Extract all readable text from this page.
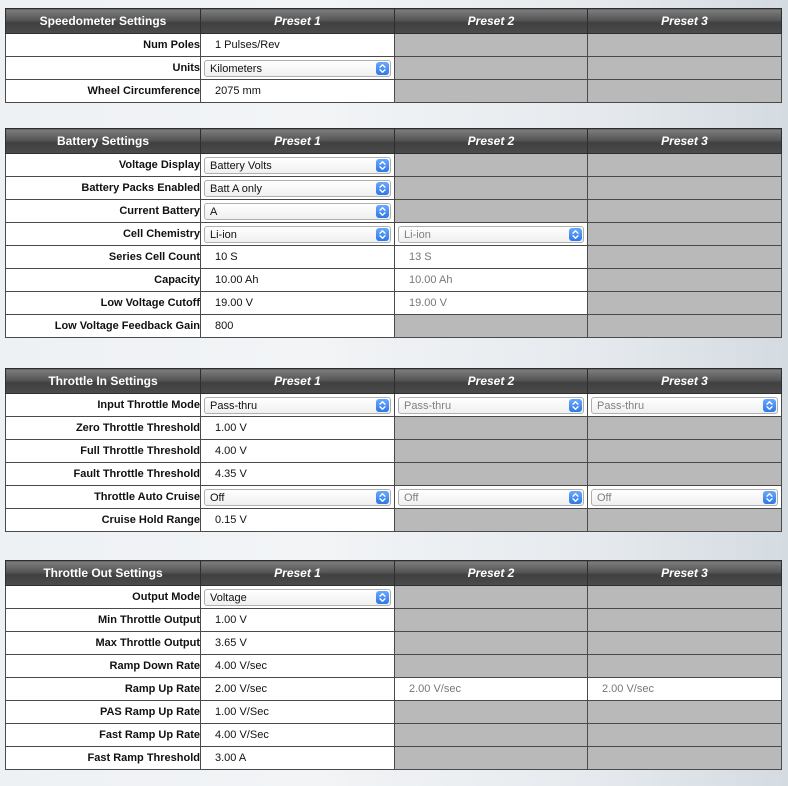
Speedometer Settings	Preset 1	Preset 2	Preset 3
Num Poles	1 Pulses/Rev		

Units	Kilometers		

Wheel Circumference	2075 mm		

Battery Settings	Preset 1	Preset 2	Preset 3
Voltage Display	Battery Volts		

Battery Packs Enabled	Batt A only		

Current Battery	A		

Cell Chemistry	Li-ion	Li-ion	

Series Cell Count	10 S	13 S	

Capacity	10.00 Ah	10.00 Ah	

Low Voltage Cutoff	19.00 V	19.00 V	

Low Voltage Feedback Gain	800		

Throttle In Settings	Preset 1	Preset 2	Preset 3
Input Throttle Mode	Pass-thru	Pass-thru	Pass-thru

Zero Throttle Threshold	1.00 V		

Full Throttle Threshold	4.00 V		

Fault Throttle Threshold	4.35 V		

Throttle Auto Cruise	Off	Off	Off

Cruise Hold Range	0.15 V		

Throttle Out Settings	Preset 1	Preset 2	Preset 3
Output Mode	Voltage		

Min Throttle Output	1.00 V		

Max Throttle Output	3.65 V		

Ramp Down Rate	4.00 V/sec		

Ramp Up Rate	2.00 V/sec	2.00 V/sec	2.00 V/sec

PAS Ramp Up Rate	1.00 V/Sec		

Fast Ramp Up Rate	4.00 V/Sec		

Fast Ramp Threshold	3.00 A		
